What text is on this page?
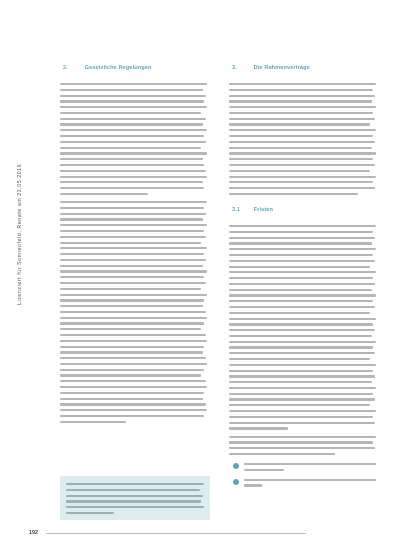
Lizenziert für Sonnenfeld, Renate am 22.05.2016
2.	Gesetzliche Regelungen	3.	Die Rahmenverträge
3.1 Fristen
192
